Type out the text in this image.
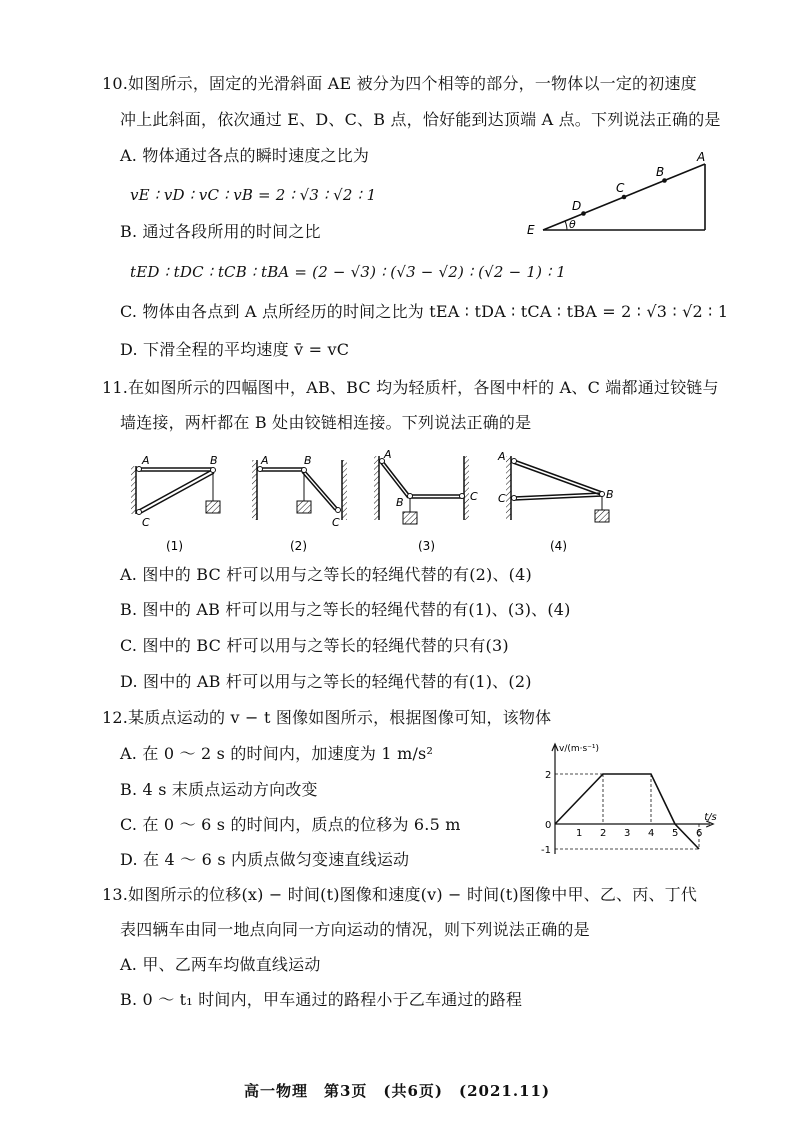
10.如图所示，固定的光滑斜面 AE 被分为四个相等的部分，一物体以一定的初速度
冲上此斜面，依次通过 E、D、C、B 点，恰好能到达顶端 A 点。下列说法正确的是
A. 物体通过各点的瞬时速度之比为
vE ∶ vD ∶ vC ∶ vB = 2 ∶ √3 ∶ √2 ∶ 1
B. 通过各段所用的时间之比
tED ∶ tDC ∶ tCB ∶ tBA = (2 − √3) ∶ (√3 − √2) ∶ (√2 − 1) ∶ 1
C. 物体由各点到 A 点所经历的时间之比为 tEA ∶ tDA ∶ tCA ∶ tBA = 2 ∶ √3 ∶ √2 ∶ 1
D. 下滑全程的平均速度 v̄ = vC
E
D
C
B
A
θ
11.在如图所示的四幅图中，AB、BC 均为轻质杆，各图中杆的 A、C 端都通过铰链与
墙连接，两杆都在 B 处由铰链相连接。下列说法正确的是
A	B
C
(1)
A	B
C
(2)
A
B	C
(3)
A
B
C
(4)
A. 图中的 BC 杆可以用与之等长的轻绳代替的有(2)、(4)
B. 图中的 AB 杆可以用与之等长的轻绳代替的有(1)、(3)、(4)
C. 图中的 BC 杆可以用与之等长的轻绳代替的只有(3)
D. 图中的 AB 杆可以用与之等长的轻绳代替的有(1)、(2)
12.某质点运动的 v − t 图像如图所示，根据图像可知，该物体
A. 在 0 ～ 2 s 的时间内，加速度为 1 m/s²
B. 4 s 末质点运动方向改变
C. 在 0 ～ 6 s 的时间内，质点的位移为 6.5 m
D. 在 4 ～ 6 s 内质点做匀变速直线运动
1 2 3 4 5 6
2
0
-1
v/(m·s⁻¹)
t/s
13.如图所示的位移(x) − 时间(t)图像和速度(v) − 时间(t)图像中甲、乙、丙、丁代
表四辆车由同一地点向同一方向运动的情况，则下列说法正确的是
A. 甲、乙两车均做直线运动
B. 0 ～ t₁ 时间内，甲车通过的路程小于乙车通过的路程
高一物理　第3页　(共6页)　(2021.11)
